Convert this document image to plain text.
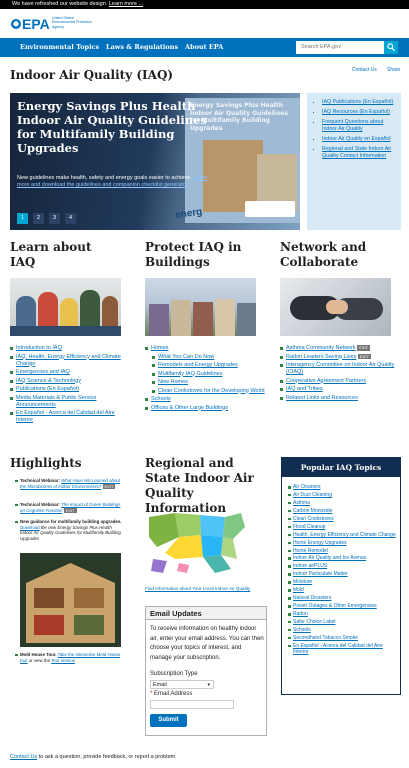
We have refreshed our website design. Learn more ...
EPA United States
Environmental Protection
Agency
Environmental Topics Laws & Regulations About EPA
Search EPA.gov
Indoor Air Quality (IAQ)	Contact Us Share
Energy Savings Plus Health Indoor Air Quality Guidelines for Multifamily Building Upgrades
energ
Energy Savings Plus Health Indoor Air Quality Guidelines for Multifamily Building Upgrades

New guidelines make health, safety and energy goals easier to achieve. Learn more and download the guidelines and companion checklist generator.

1	2	3	4
▪ IAQ Publications (En Español)
▪ IAQ Resources (En Español)
▪ Frequent Questions about Indoor Air Quality
▪ Indoor Air Quality en Español
▪ Regional and State Indoor Air Quality Contact Information
Learn about IAQ
Protect IAQ in Buildings
Network and Collaborate
Introduction to IAQ
IAQ, Health, Energy Efficiency and Climate Change
Emergencies and IAQ
IAQ Science & Technology
Publications (En Español)
Media Materials & Public Service Announcements
En Español - Acerca del Calidad del Aire Interior
Homes
What You Can Do Now
Remodels and Energy Upgrades
Multifamily IAQ Guidelines
New Homes
Clean Cookstoves for the Developing World
Schools
Offices & Other Large Buildings
Asthma Community Network EXIT
Radon Leaders Saving Lives EXIT
Interagency Committee on Indoor Air Quality (CIAQ)
Cooperative Agreement Partners
IAQ and Tribes
Related Links and Resources
Highlights
Technical Webinar: What Have We Learned about the Microbiomes of Indoor Environments? EXIT
Technical Webinar: The Impact of Green Buildings on Cognitive Function EXIT
New guidance for multifamily building upgrades. Download the new Energy Savings Plus Health Indoor Air Quality Guidelines for Multifamily Building Upgrades
Mold House Tour. Take the interactive Mold House tour or view the Text Version
Regional and State Indoor Air Quality Information
Find Information about Your Local Indoor Air Quality
Email Updates
To receive information on healthy indoor air, enter your email address. You can then choose your topics of interest, and manage your subscription.
Subscription Type
Email	▾
* Email Address
Submit
Popular IAQ Topics
Air Cleaners
Air Duct Cleaning
Asthma
Carbon Monoxide
Clean Cookstoves
Flood Cleanup
Health, Energy Efficiency and Climate Change
Home Energy Upgrades
Home Remodel
Indoor Air Quality and Ice Arenas
Indoor airPLUS
Indoor Particulate Matter
Moisture
Mold
Natural Disasters
Power Outages & Other Emergencies
Radon
Safer Choice Label
Schools
Secondhand Tobacco Smoke
En Español - Acerca del Calidad del Aire Interior
Contact Us to ask a question, provide feedback, or report a problem.
